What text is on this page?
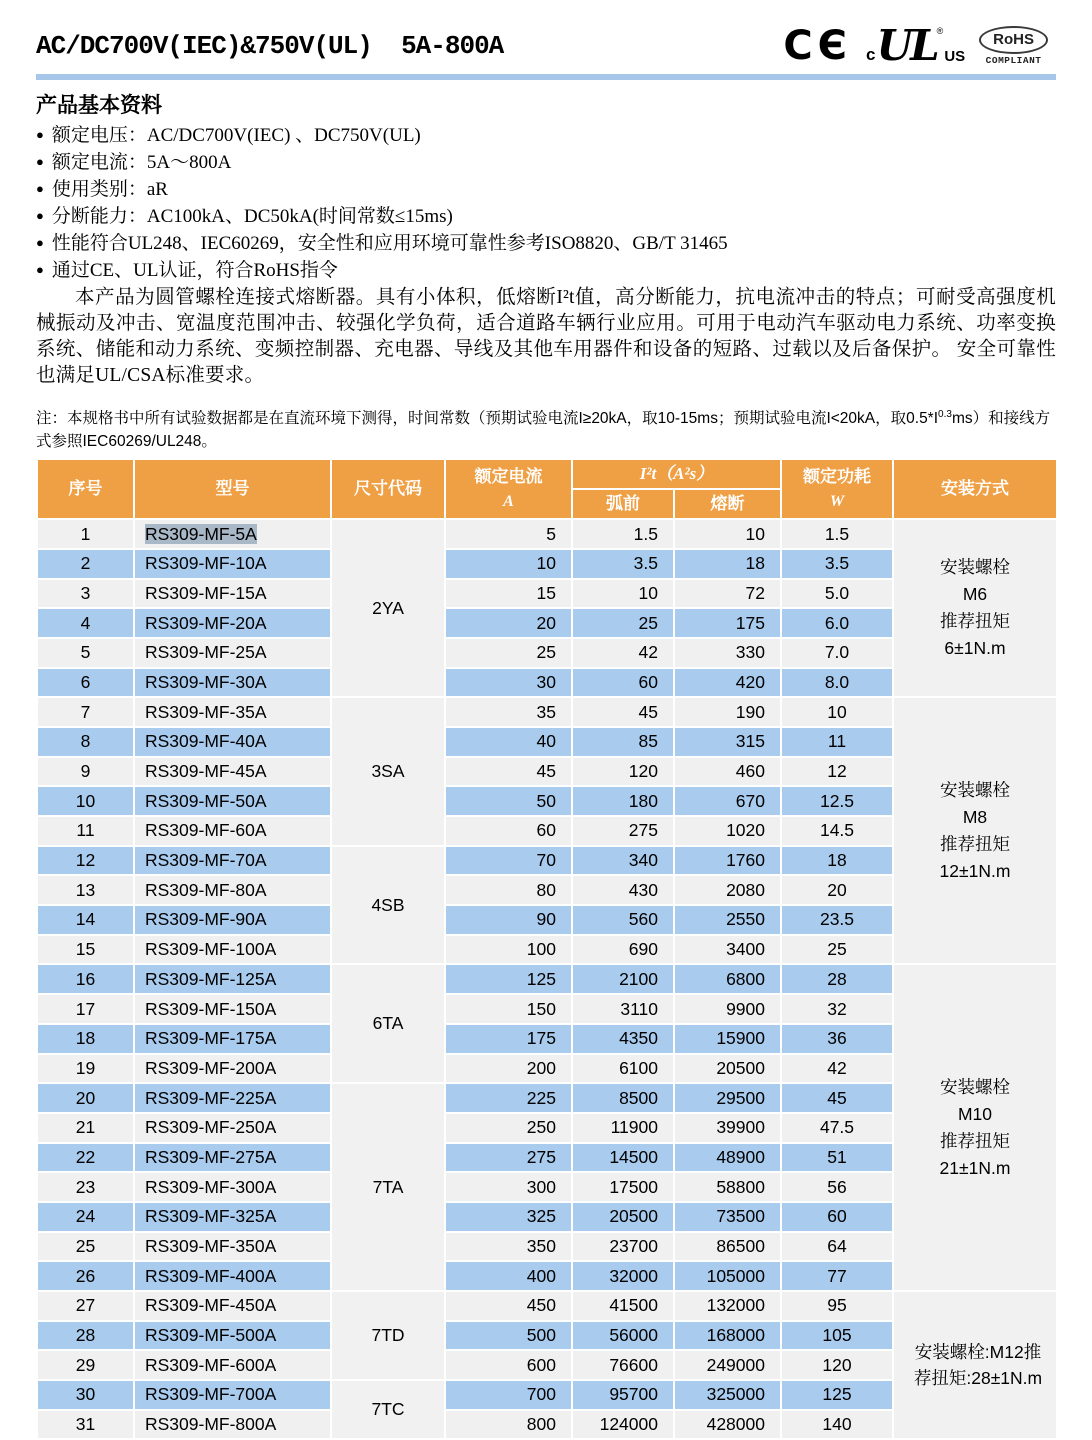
AC/DC700V(IEC)&750V(UL)  5A-800A	CЄ c UL ®
US
RoHS
COMPLIANT
产品基本资料
● 额定电压：AC/DC700V(IEC) 、DC750V(UL)
● 额定电流：5A～800A
● 使用类别：aR
● 分断能力：AC100kA、DC50kA(时间常数≤15ms)
● 性能符合UL248、IEC60269，安全性和应用环境可靠性参考ISO8820、GB/T 31465
● 通过CE、UL认证，符合RoHS指令
本产品为圆管螺栓连接式熔断器。具有小体积，低熔断I²t值，高分断能力，抗电流冲击的特点；可耐受高强度机械振动及冲击、宽温度范围冲击、较强化学负荷，适合道路车辆行业应用。可用于电动汽车驱动电力系统、功率变换系统、储能和动力系统、变频控制器、充电器、导线及其他车用器件和设备的短路、过载以及后备保护。 安全可靠性也满足UL/CSA标准要求。
注：本规格书中所有试验数据都是在直流环境下测得，时间常数（预期试验电流I≥20kA，取10-15ms；预期试验电流I<20kA，取$0.5*I^{0.3}ms$）和接线方式参照IEC60269/UL248。
序号	型号	尺寸代码	
额定电流
A
	I²t（A²s）	额定功耗
W
	安装方式
				弧前	熔断		
1	RS309-MF-5A	2YA	5	1.5	10	1.5	安装螺栓
M6
推荐扭矩
6±1N.m

2	RS309-MF-10A		10	3.5	18	3.5	
3	RS309-MF-15A		15	10	72	5.0	
4	RS309-MF-20A		20	25	175	6.0	
5	RS309-MF-25A		25	42	330	7.0	
6	RS309-MF-30A		30	60	420	8.0	
7	RS309-MF-35A	3SA	35	45	190	10	安装螺栓
M8
推荐扭矩
12±1N.m

8	RS309-MF-40A		40	85	315	11	
9	RS309-MF-45A		45	120	460	12	
10	RS309-MF-50A		50	180	670	12.5	
11	RS309-MF-60A		60	275	1020	14.5	
12	RS309-MF-70A	4SB	70	340	1760	18	
13	RS309-MF-80A		80	430	2080	20	
14	RS309-MF-90A		90	560	2550	23.5	
15	RS309-MF-100A		100	690	3400	25	
16	RS309-MF-125A	6TA	125	2100	6800	28	安装螺栓
M10
推荐扭矩
21±1N.m

17	RS309-MF-150A		150	3110	9900	32	
18	RS309-MF-175A		175	4350	15900	36	
19	RS309-MF-200A		200	6100	20500	42	
20	RS309-MF-225A	7TA	225	8500	29500	45	
21	RS309-MF-250A		250	11900	39900	47.5	
22	RS309-MF-275A		275	14500	48900	51	
23	RS309-MF-300A		300	17500	58800	56	
24	RS309-MF-325A		325	20500	73500	60	
25	RS309-MF-350A		350	23700	86500	64	
26	RS309-MF-400A		400	32000	105000	77	
27	RS309-MF-450A	7TD	450	41500	132000	95	安装螺栓:M12推
荐扭矩:28±1N.m

28	RS309-MF-500A		500	56000	168000	105	
29	RS309-MF-600A		600	76600	249000	120	
30	RS309-MF-700A	7TC	700	95700	325000	125	
31	RS309-MF-800A		800	124000	428000	140	
